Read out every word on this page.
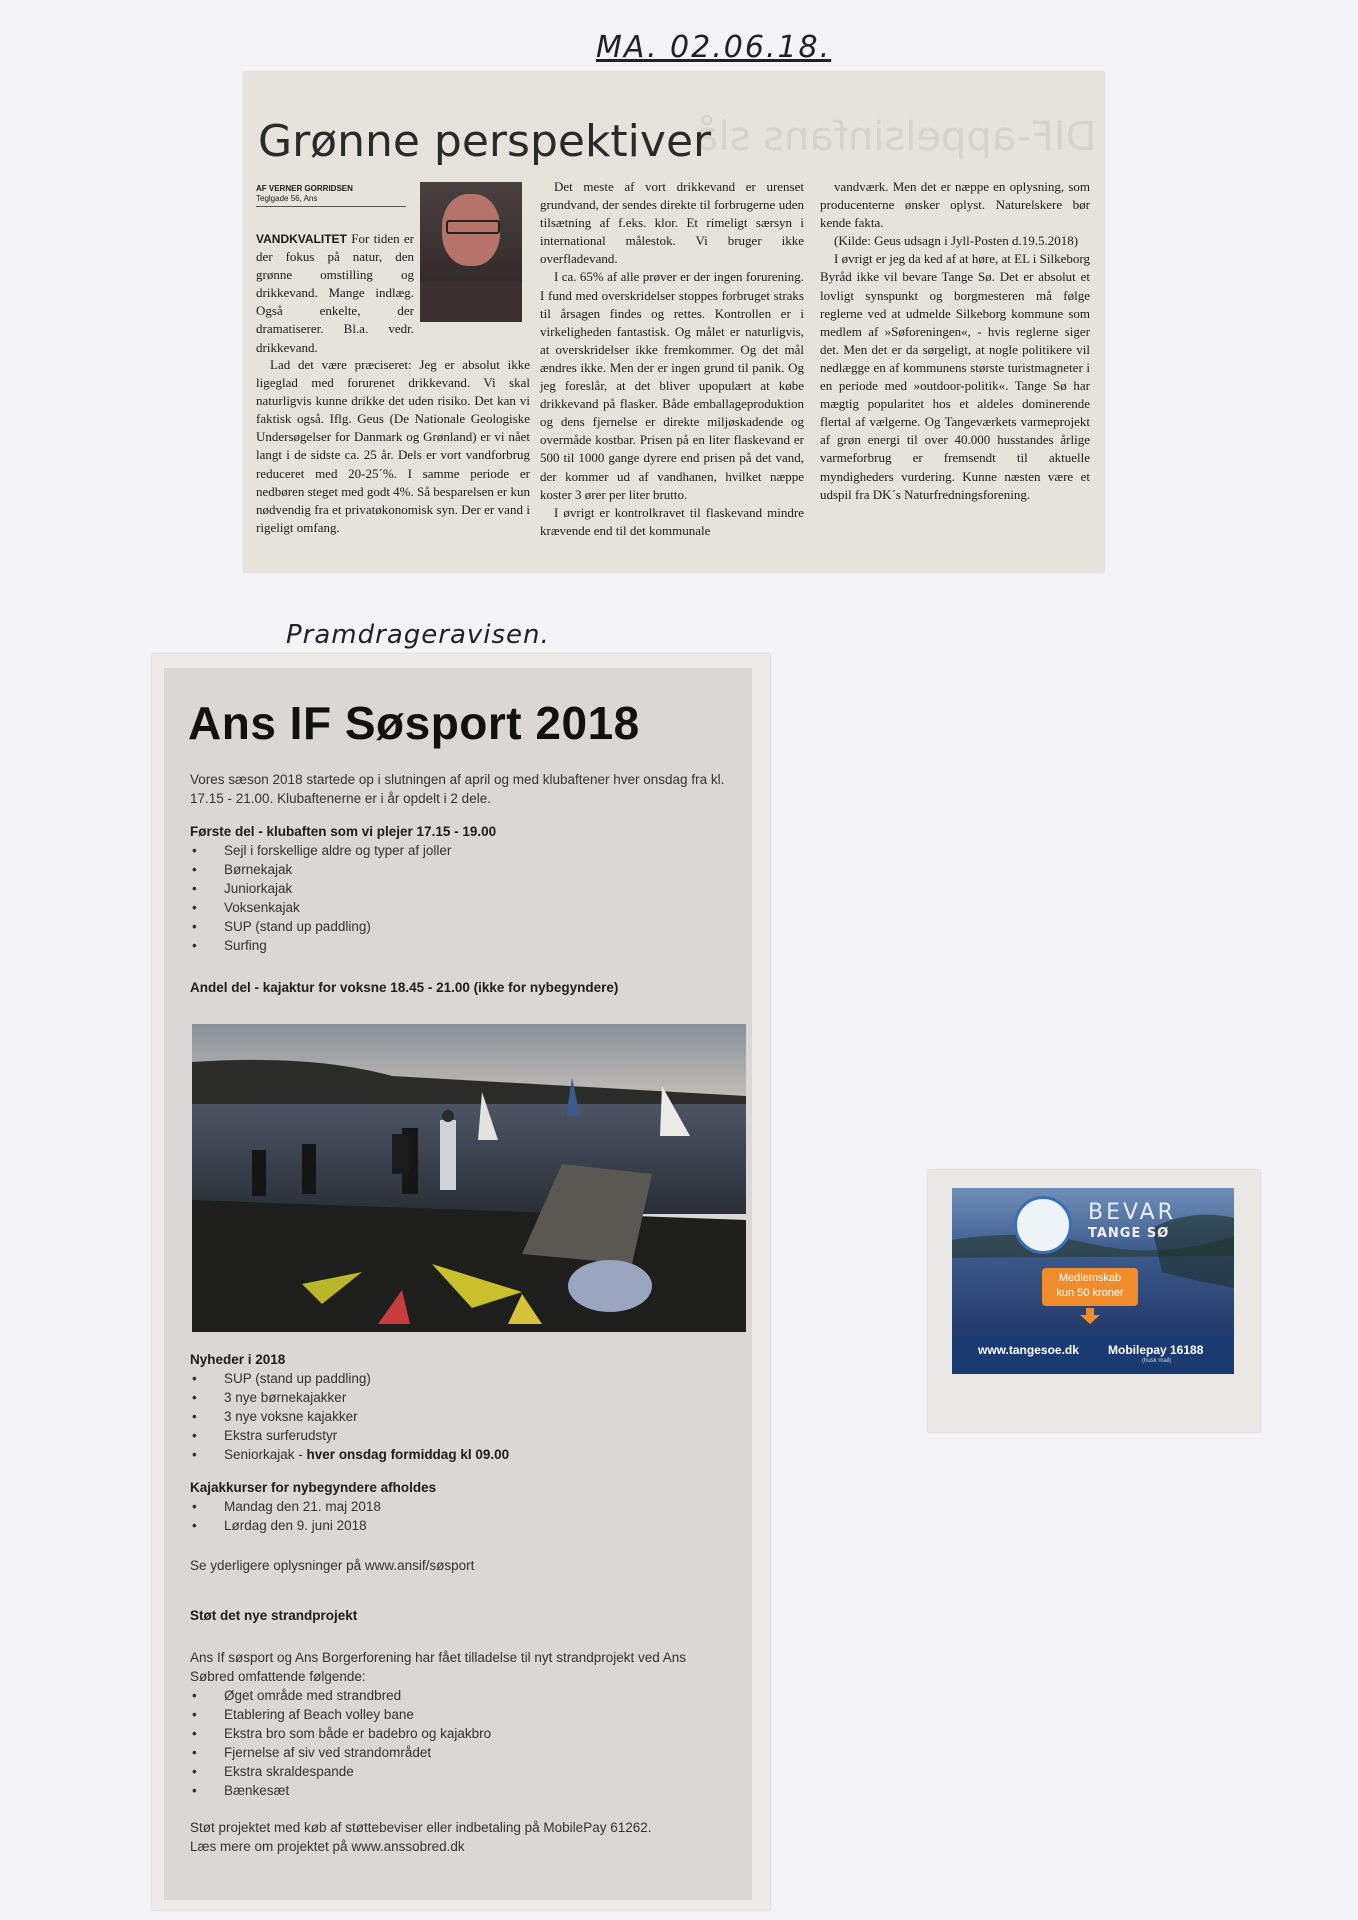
MA. 02.06.18.
DIF-appelsinfans slå
Grønne perspektiver
AF VERNER GORRIDSEN
Teglgade 56, Ans
VANDKVALITET For tiden er der fokus på natur, den grønne omstilling og drikkevand. Mange indlæg. Også enkelte, der dramatiserer. Bl.a. vedr. drikkevand.

Lad det være præciseret: Jeg er absolut ikke ligeglad med forurenet drikkevand. Vi skal naturligvis kunne drikke det uden risiko. Det kan vi faktisk også. Iflg. Geus (De Nationale Geologiske Undersøgelser for Danmark og Grønland) er vi nået langt i de sidste ca. 25 år. Dels er vort vandforbrug reduceret med 20-25´%. I samme periode er nedbøren steget med godt 4%. Så besparelsen er kun nødvendig fra et privatøkonomisk syn. Der er vand i rigeligt omfang.

Det meste af vort drikkevand er urenset grundvand, der sendes direkte til forbrugerne uden tilsætning af f.eks. klor. Et rimeligt særsyn i international målestok. Vi bruger ikke overfladevand.

I ca. 65% af alle prøver er der ingen forurening. I fund med overskridelser stoppes forbruget straks til årsagen findes og rettes. Kontrollen er i virkeligheden fantastisk. Og målet er naturligvis, at overskridelser ikke fremkommer. Og det mål ændres ikke. Men der er ingen grund til panik. Og jeg foreslår, at det bliver upopulært at købe drikkevand på flasker. Både emballageproduktion og dens fjernelse er direkte miljøskadende og overmåde kostbar. Prisen på en liter flaskevand er 500 til 1000 gange dyrere end prisen på det vand, der kommer ud af vandhanen, hvilket næppe koster 3 ører per liter brutto.

I øvrigt er kontrolkravet til flaskevand mindre krævende end til det kommunale

vandværk. Men det er næppe en oplysning, som producenterne ønsker oplyst. Naturelskere bør kende fakta.

(Kilde: Geus udsagn i Jyll-Posten d.19.5.2018)

I øvrigt er jeg da ked af at høre, at EL i Silkeborg Byråd ikke vil bevare Tange Sø. Det er absolut et lovligt synspunkt og borgmesteren må følge reglerne ved at udmelde Silkeborg kommune som medlem af »Søforeningen«, - hvis reglerne siger det. Men det er da sørgeligt, at nogle politikere vil nedlægge en af kommunens største turistmagneter i en periode med »outdoor-politik«. Tange Sø har mægtig popularitet hos et aldeles dominerende flertal af vælgerne. Og Tangeværkets varmeprojekt af grøn energi til over 40.000 husstandes årlige varmeforbrug er fremsendt til aktuelle myndigheders vurdering. Kunne næsten være et udspil fra DK´s Naturfredningsforening.

Pramdrageravisen.
Ans IF Søsport 2018
Vores sæson 2018 startede op i slutningen af april og med klubaftener hver onsdag fra kl. 17.15 - 21.00. Klubaftenerne er i år opdelt i 2 dele.
Første del - klubaften som vi plejer 17.15 - 19.00
• Sejl i forskellige aldre og typer af joller
• Børnekajak
• Juniorkajak
• Voksenkajak
• SUP (stand up paddling)
• Surfing
Andel del - kajaktur for voksne 18.45 - 21.00 (ikke for nybegyndere)
Nyheder i 2018
• SUP (stand up paddling)
• 3 nye børnekajakker
• 3 nye voksne kajakker
• Ekstra surferudstyr
• Seniorkajak - hver onsdag formiddag kl 09.00
Kajakkurser for nybegyndere afholdes
• Mandag den 21. maj 2018
• Lørdag den 9. juni 2018
Se yderligere oplysninger på www.ansif/søsport
Støt det nye strandprojekt
Ans If søsport og Ans Borgerforening har fået tilladelse til nyt strandprojekt ved Ans Søbred omfattende følgende:
• Øget område med strandbred
• Etablering af Beach volley bane
• Ekstra bro som både er badebro og kajakbro
• Fjernelse af siv ved strandområdet
• Ekstra skraldespande
• Bænkesæt
Støt projektet med køb af støttebeviser eller indbetaling på MobilePay 61262.
Læs mere om projektet på www.anssobred.dk
BEVAR
TANGE SØ
Medlemskab
kun 50 kroner
www.tangesoe.dk Mobilepay 16188
(husk mail)
